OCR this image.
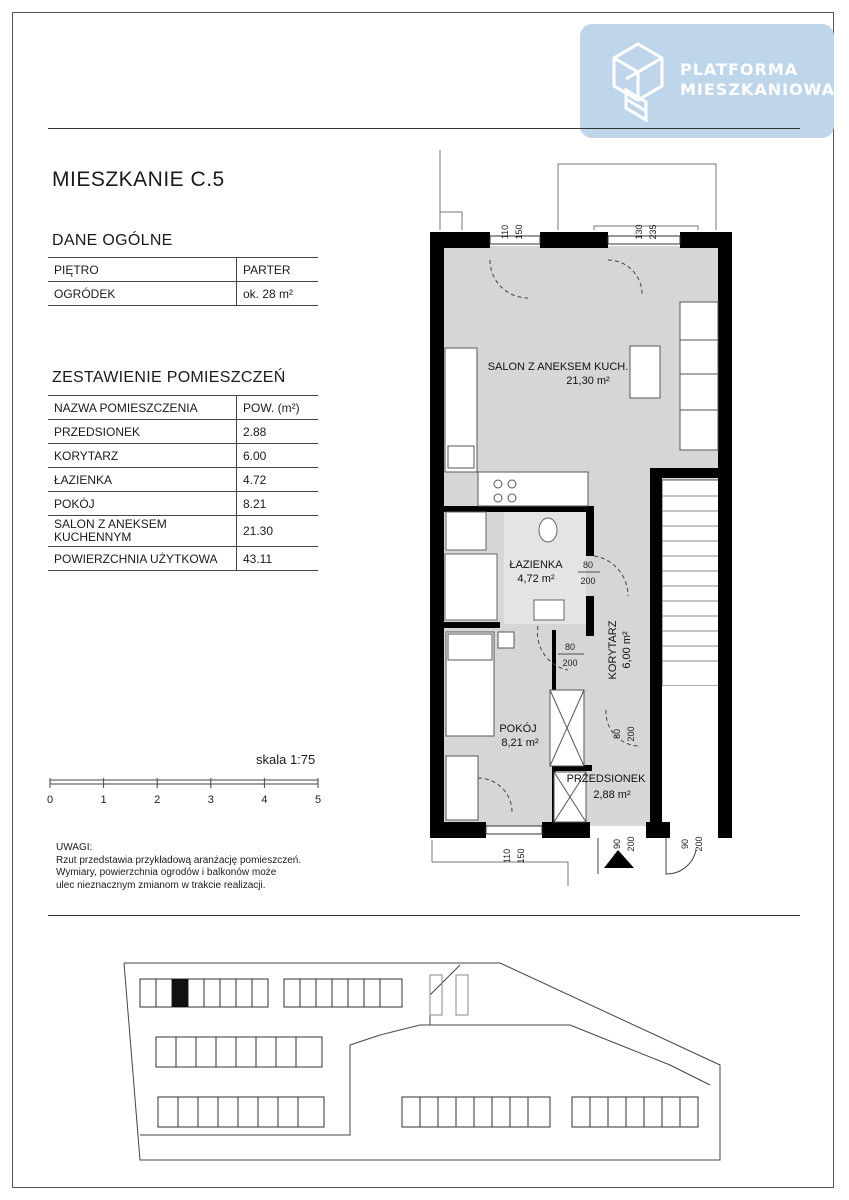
PLATFORMA
MIESZKANIOWA
MIESZKANIE C.5
DANE OGÓLNE
PIĘTRO	PARTER
OGRÓDEK	ok. 28 m²
ZESTAWIENIE POMIESZCZEŃ
NAZWA POMIESZCZENIA	POW. (m²)
PRZEDSIONEK	2.88
KORYTARZ	6.00
ŁAZIENKA	4.72
POKÓJ	8.21
SALON Z ANEKSEM KUCHENNYM	21.30
POWIERZCHNIA UŻYTKOWA	43.11
skala 1:75
0	1	2	3	4	5
UWAGI:
Rzut przedstawia przykładową aranżację pomieszczeń.
Wymiary, powierzchnia ogrodów i balkonów może
ulec nieznacznym zmianom w trakcie realizacji.
SALON Z ANEKSEM KUCH.
21,30 m²
ŁAZIENKA
4,72 m²
POKÓJ
8,21 m²
PRZEDSIONEK
2,88 m²
KORYTARZ 6,00 m²
110 150	130 235
80
200
80
200
80 200
110 150
90 200	90 200
